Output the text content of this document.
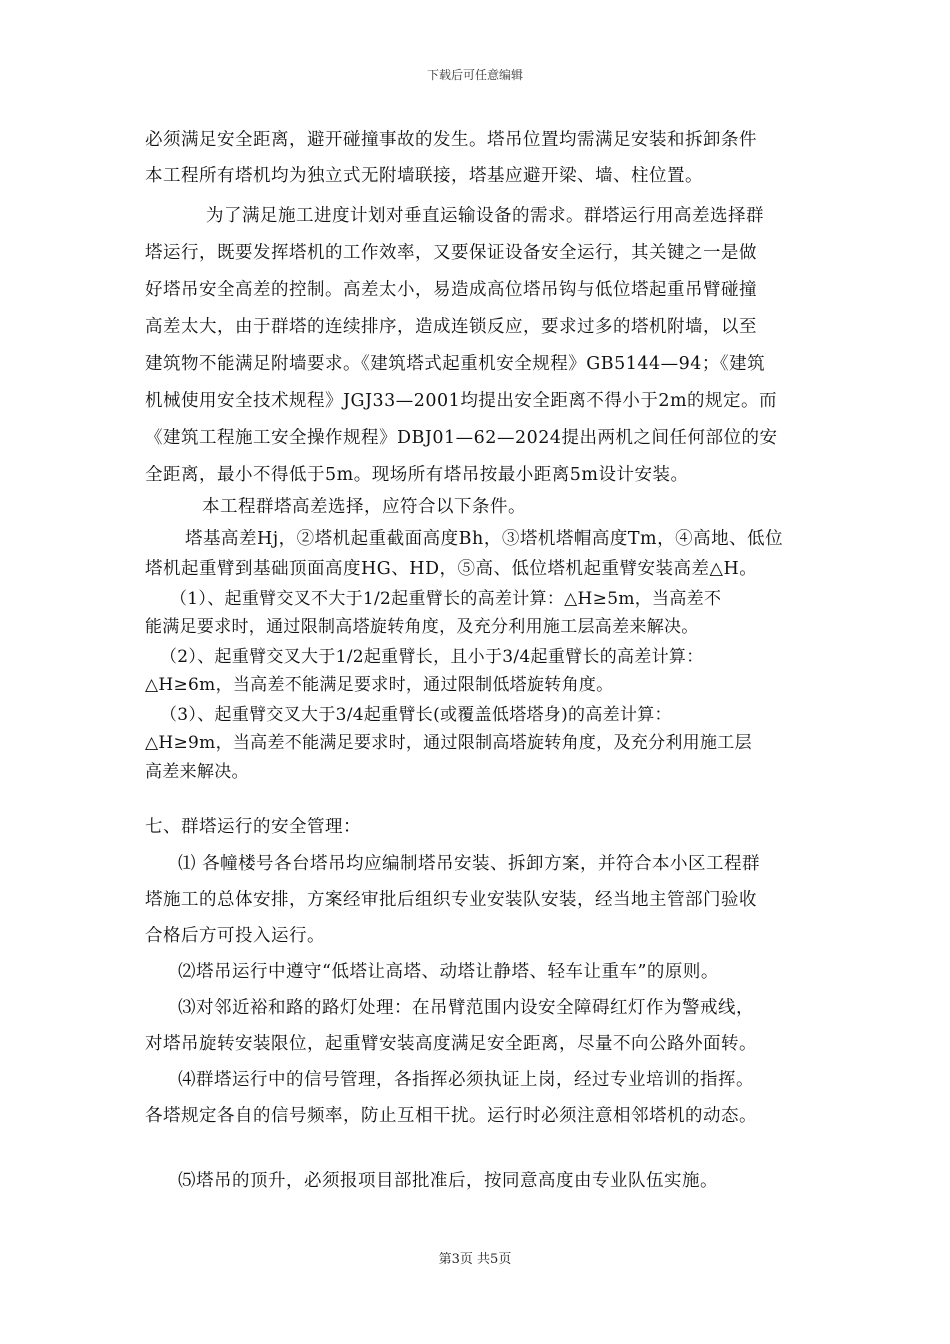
下载后可任意编辑
必须满足安全距离，避开碰撞事故的发生。塔吊位置均需满足安装和拆卸条件
本工程所有塔机均为独立式无附墙联接，塔基应避开梁、墙、柱位置。
为了满足施工进度计划对垂直运输设备的需求。群塔运行用高差选择群
塔运行，既要发挥塔机的工作效率，又要保证设备安全运行，其关键之一是做
好塔吊安全高差的控制。高差太小，易造成高位塔吊钩与低位塔起重吊臂碰撞
高差太大，由于群塔的连续排序，造成连锁反应，要求过多的塔机附墙，以至
建筑物不能满足附墙要求。《建筑塔式起重机安全规程》GB5144—94；《建筑
机械使用安全技术规程》JGJ33—2001均提出安全距离不得小于2m的规定。而
《建筑工程施工安全操作规程》DBJ01—62—2024提出两机之间任何部位的安
全距离，最小不得低于5m。现场所有塔吊按最小距离5m设计安装。
本工程群塔高差选择，应符合以下条件。
塔基高差Hj，②塔机起重截面高度Bh，③塔机塔帽高度Tm，④高地、低位
塔机起重臂到基础顶面高度HG、HD，⑤高、低位塔机起重臂安装高差△H。
（1）、起重臂交叉不大于1/2起重臂长的高差计算：△H≥5m，当高差不
能满足要求时，通过限制高塔旋转角度，及充分利用施工层高差来解决。
（2）、起重臂交叉大于1/2起重臂长，且小于3/4起重臂长的高差计算：
△H≥6m，当高差不能满足要求时，通过限制低塔旋转角度。
（3）、起重臂交叉大于3/4起重臂长(或覆盖低塔塔身)的高差计算：
△H≥9m，当高差不能满足要求时，通过限制高塔旋转角度，及充分利用施工层
高差来解决。
七、群塔运行的安全管理：
⑴ 各幢楼号各台塔吊均应编制塔吊安装、拆卸方案，并符合本小区工程群
塔施工的总体安排，方案经审批后组织专业安装队安装，经当地主管部门验收
合格后方可投入运行。
⑵塔吊运行中遵守“低塔让高塔、动塔让静塔、轻车让重车”的原则。
⑶对邻近裕和路的路灯处理：在吊臂范围内设安全障碍红灯作为警戒线，
对塔吊旋转安装限位，起重臂安装高度满足安全距离，尽量不向公路外面转。
⑷群塔运行中的信号管理，各指挥必须执证上岗，经过专业培训的指挥。
各塔规定各自的信号频率，防止互相干扰。运行时必须注意相邻塔机的动态。
⑸塔吊的顶升，必须报项目部批准后，按同意高度由专业队伍实施。
第3页 共5页
